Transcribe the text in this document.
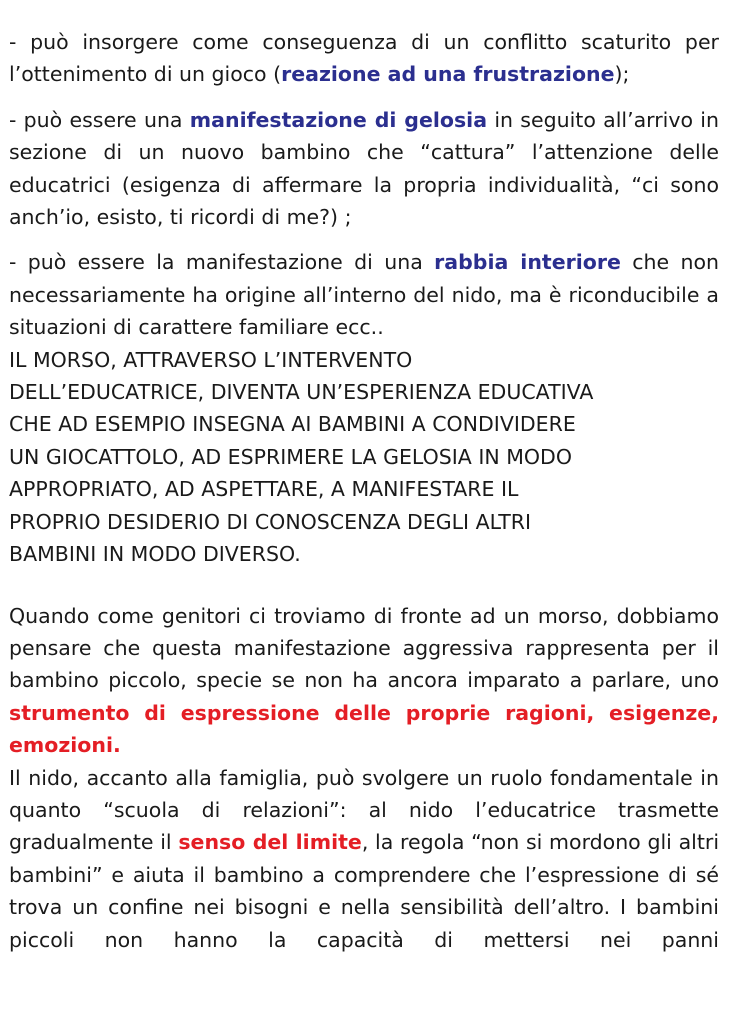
- può insorgere come conseguenza di un conflitto scaturito per l’ottenimento di un gioco (reazione ad una frustrazione);

- può essere una manifestazione di gelosia in seguito all’arrivo in sezione di un nuovo bambino che “cattura” l’attenzione delle educatrici (esigenza di affermare la propria individualità, “ci sono anch’io, esisto, ti ricordi di me?) ;

- può essere la manifestazione di una rabbia interiore che non necessariamente ha origine all’interno del nido, ma è riconducibile a situazioni di carattere familiare ecc..

IL MORSO, ATTRAVERSO L’INTERVENTO
DELL’EDUCATRICE, DIVENTA UN’ESPERIENZA EDUCATIVA
CHE AD ESEMPIO INSEGNA AI BAMBINI A CONDIVIDERE
UN GIOCATTOLO, AD ESPRIMERE LA GELOSIA IN MODO
APPROPRIATO, AD ASPETTARE, A MANIFESTARE IL
PROPRIO DESIDERIO DI CONOSCENZA DEGLI ALTRI
BAMBINI IN MODO DIVERSO.

Quando come genitori ci troviamo di fronte ad un morso, dobbiamo pensare che questa manifestazione aggressiva rappresenta per il bambino piccolo, specie se non ha ancora imparato a parlare, uno strumento di espressione delle proprie ragioni, esigenze, emozioni.

Il nido, accanto alla famiglia, può svolgere un ruolo fondamentale in quanto “scuola di relazioni”: al nido l’educatrice trasmette gradualmente il senso del limite, la regola “non si mordono gli altri bambini” e aiuta il bambino a comprendere che l’espressione di sé trova un confine nei bisogni e nella sensibilità dell’altro. I bambini piccoli non hanno la capacità di mettersi nei panni
